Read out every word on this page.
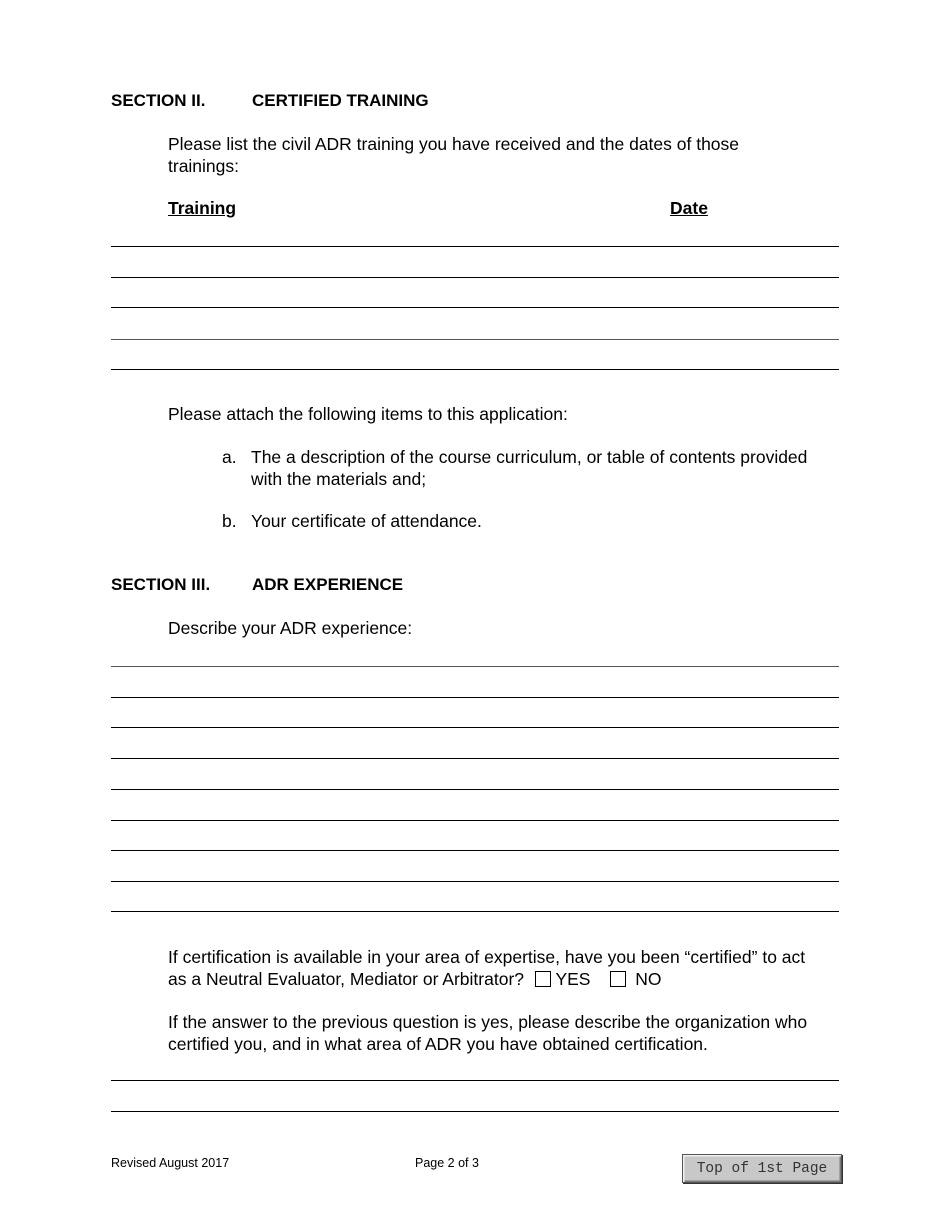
SECTION II.	CERTIFIED TRAINING
Please list the civil ADR training you have received and the dates of those trainings:
Training	Date
Please attach the following items to this application:
a. The a description of the course curriculum, or table of contents provided with the materials and;
b. Your certificate of attendance.
SECTION III. ADR EXPERIENCE
Describe your ADR experience:
If certification is available in your area of expertise, have you been “certified” to act as a Neutral Evaluator, Mediator or Arbitrator? YES	NO
If the answer to the previous question is yes, please describe the organization who certified you, and in what area of ADR you have obtained certification.
Revised August 2017	Page 2 of 3	Top of 1st Page
